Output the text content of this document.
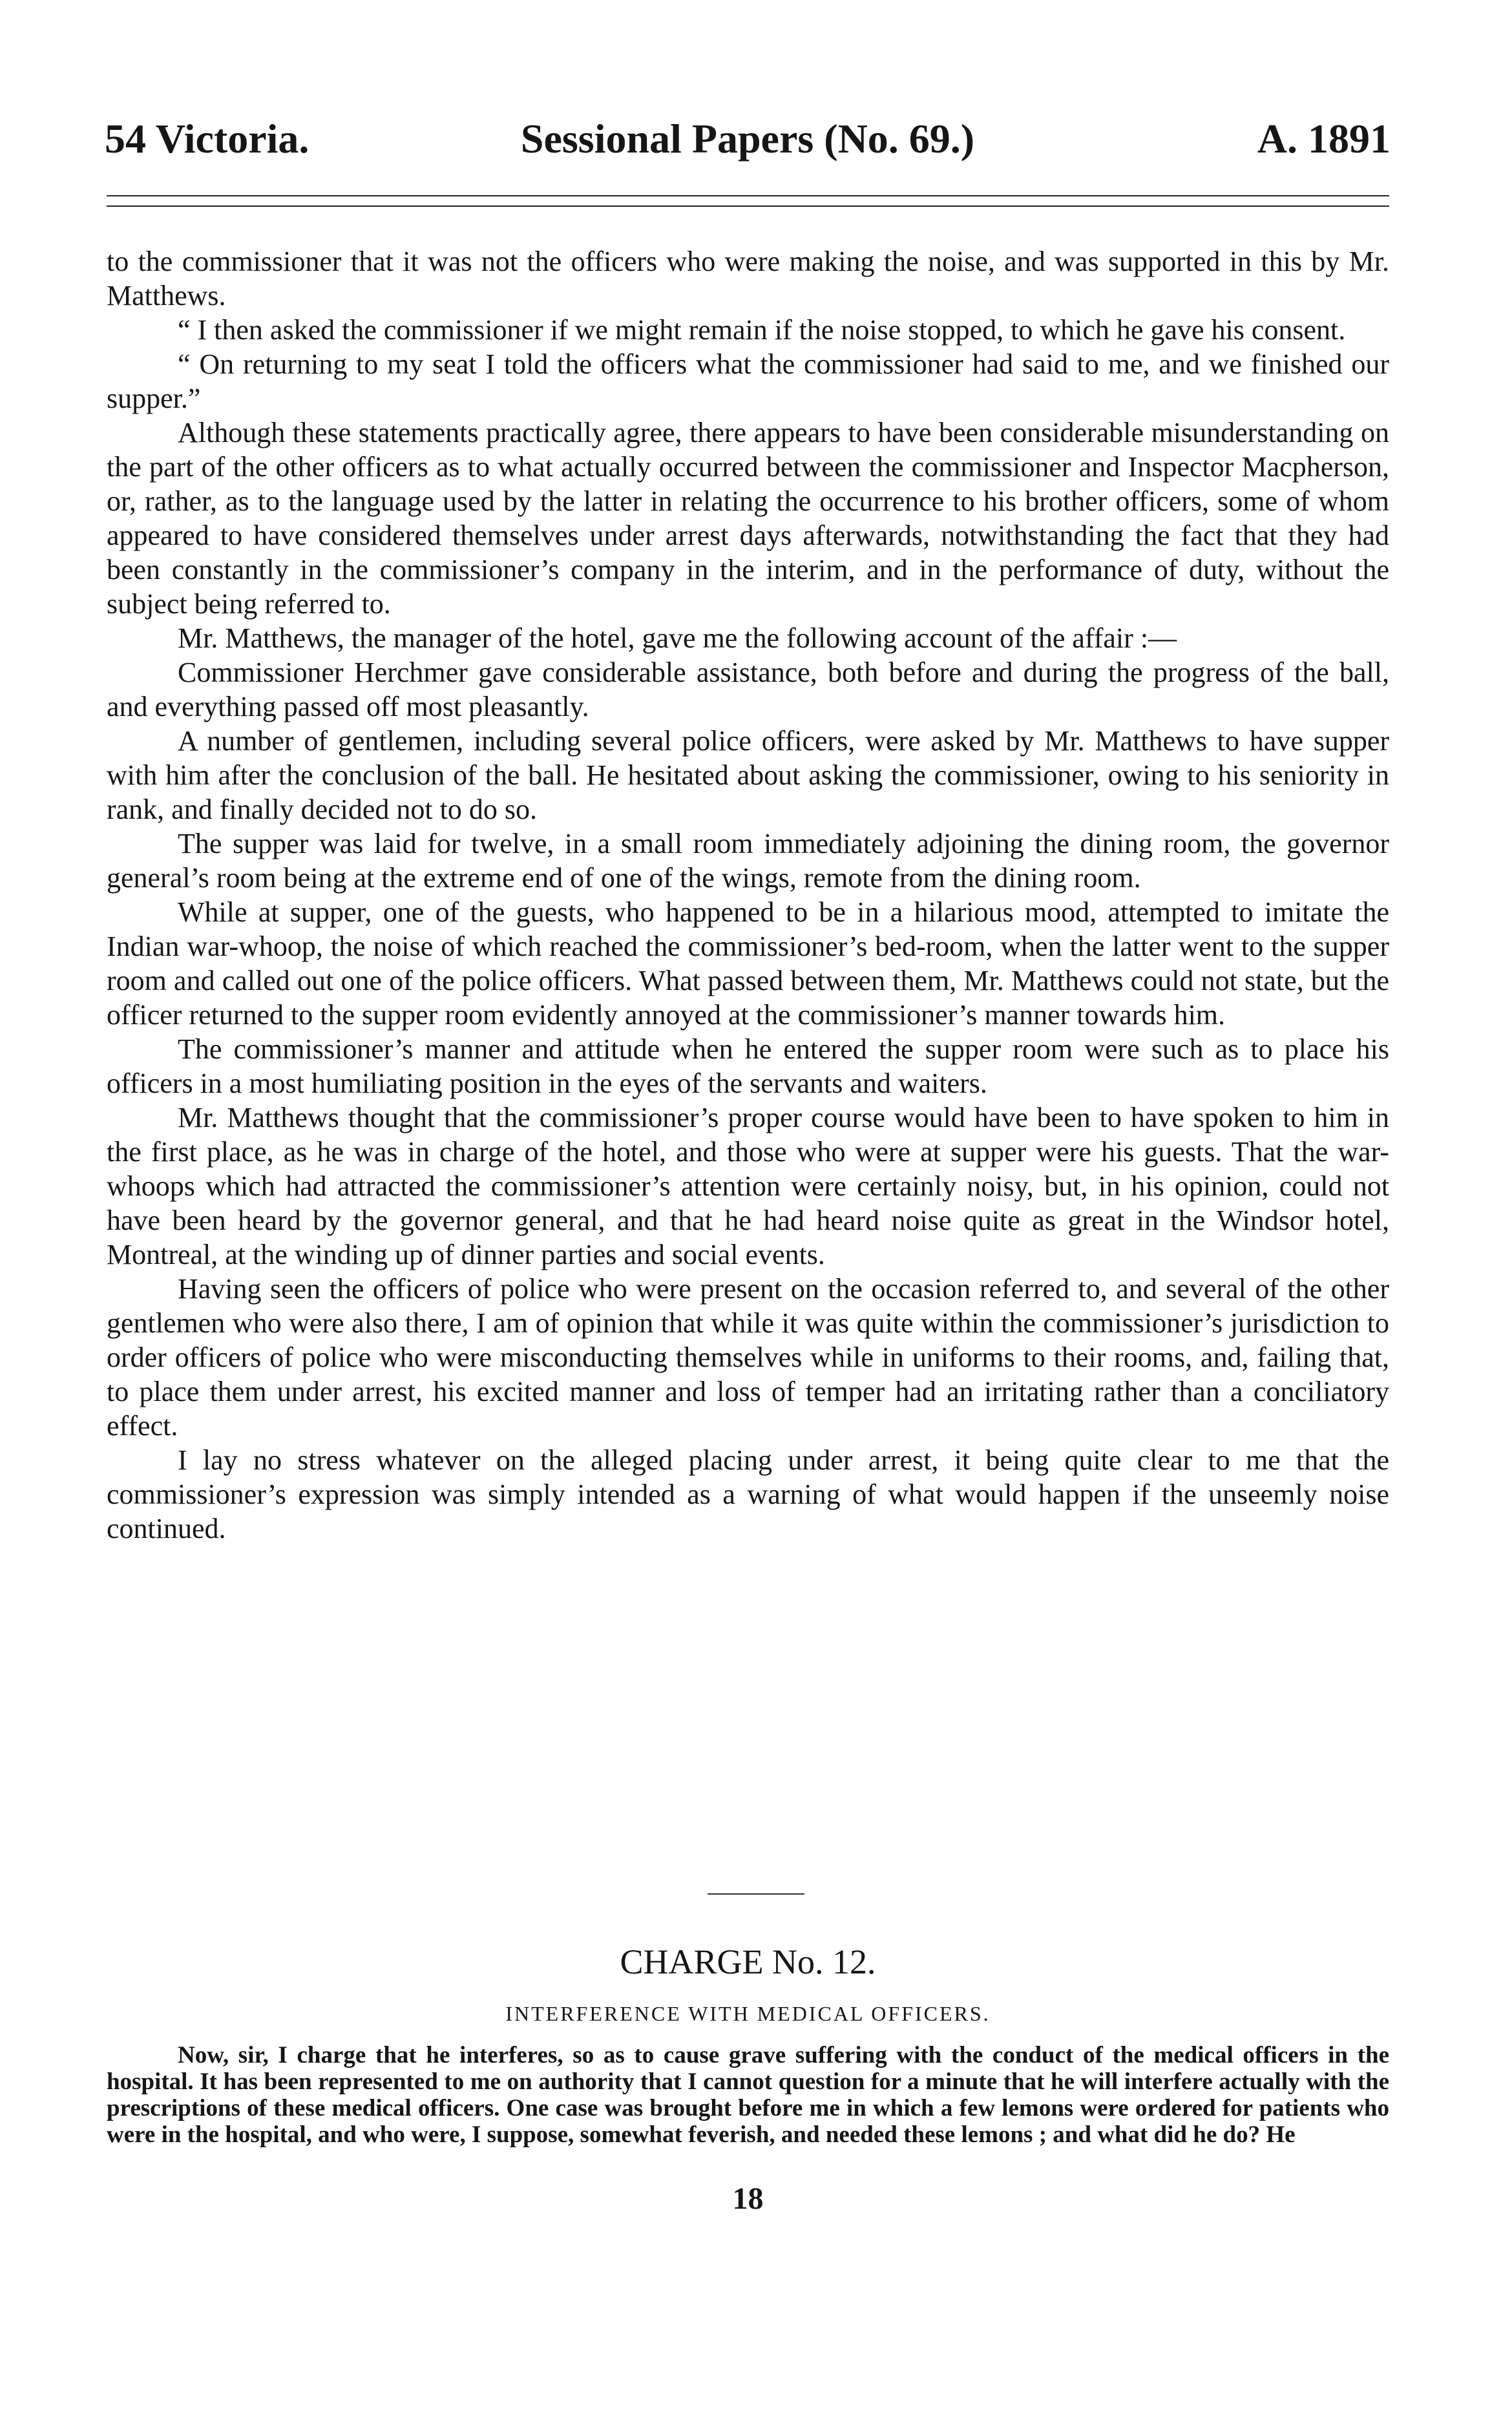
54 Victoria.	Sessional Papers (No. 69.)	A. 1891

to the commissioner that it was not the officers who were making the noise, and was supported in this by Mr. Matthews.

“ I then asked the commissioner if we might remain if the noise stopped, to which he gave his consent.

“ On returning to my seat I told the officers what the commissioner had said to me, and we finished our supper.”

Although these statements practically agree, there appears to have been considerable misunderstanding on the part of the other officers as to what actually occurred between the commissioner and Inspector Macpherson, or, rather, as to the language used by the latter in relating the occurrence to his brother officers, some of whom appeared to have considered themselves under arrest days afterwards, notwithstanding the fact that they had been constantly in the commissioner’s company in the interim, and in the performance of duty, without the subject being referred to.

Mr. Matthews, the manager of the hotel, gave me the following account of the affair :—

Commissioner Herchmer gave considerable assistance, both before and during the progress of the ball, and everything passed off most pleasantly.

A number of gentlemen, including several police officers, were asked by Mr. Matthews to have supper with him after the conclusion of the ball. He hesitated about asking the commissioner, owing to his seniority in rank, and finally decided not to do so.

The supper was laid for twelve, in a small room immediately adjoining the dining room, the governor general’s room being at the extreme end of one of the wings, remote from the dining room.

While at supper, one of the guests, who happened to be in a hilarious mood, attempted to imitate the Indian war-whoop, the noise of which reached the commissioner’s bed-room, when the latter went to the supper room and called out one of the police officers. What passed between them, Mr. Matthews could not state, but the officer returned to the supper room evidently annoyed at the commissioner’s manner towards him.

The commissioner’s manner and attitude when he entered the supper room were such as to place his officers in a most humiliating position in the eyes of the servants and waiters.

Mr. Matthews thought that the commissioner’s proper course would have been to have spoken to him in the first place, as he was in charge of the hotel, and those who were at supper were his guests. That the war-whoops which had attracted the commissioner’s attention were certainly noisy, but, in his opinion, could not have been heard by the governor general, and that he had heard noise quite as great in the Windsor hotel, Montreal, at the winding up of dinner parties and social events.

Having seen the officers of police who were present on the occasion referred to, and several of the other gentlemen who were also there, I am of opinion that while it was quite within the commissioner’s jurisdiction to order officers of police who were misconducting themselves while in uniforms to their rooms, and, failing that, to place them under arrest, his excited manner and loss of temper had an irritating rather than a conciliatory effect.

I lay no stress whatever on the alleged placing under arrest, it being quite clear to me that the commissioner’s expression was simply intended as a warning of what would happen if the unseemly noise continued.

CHARGE No. 12.
INTERFERENCE WITH MEDICAL OFFICERS.

Now, sir, I charge that he interferes, so as to cause grave suffering with the conduct of the medical officers in the hospital. It has been represented to me on authority that I cannot question for a minute that he will interfere actually with the prescriptions of these medical officers. One case was brought before me in which a few lemons were ordered for patients who were in the hospital, and who were, I suppose, somewhat feverish, and needed these lemons ; and what did he do? He

18
